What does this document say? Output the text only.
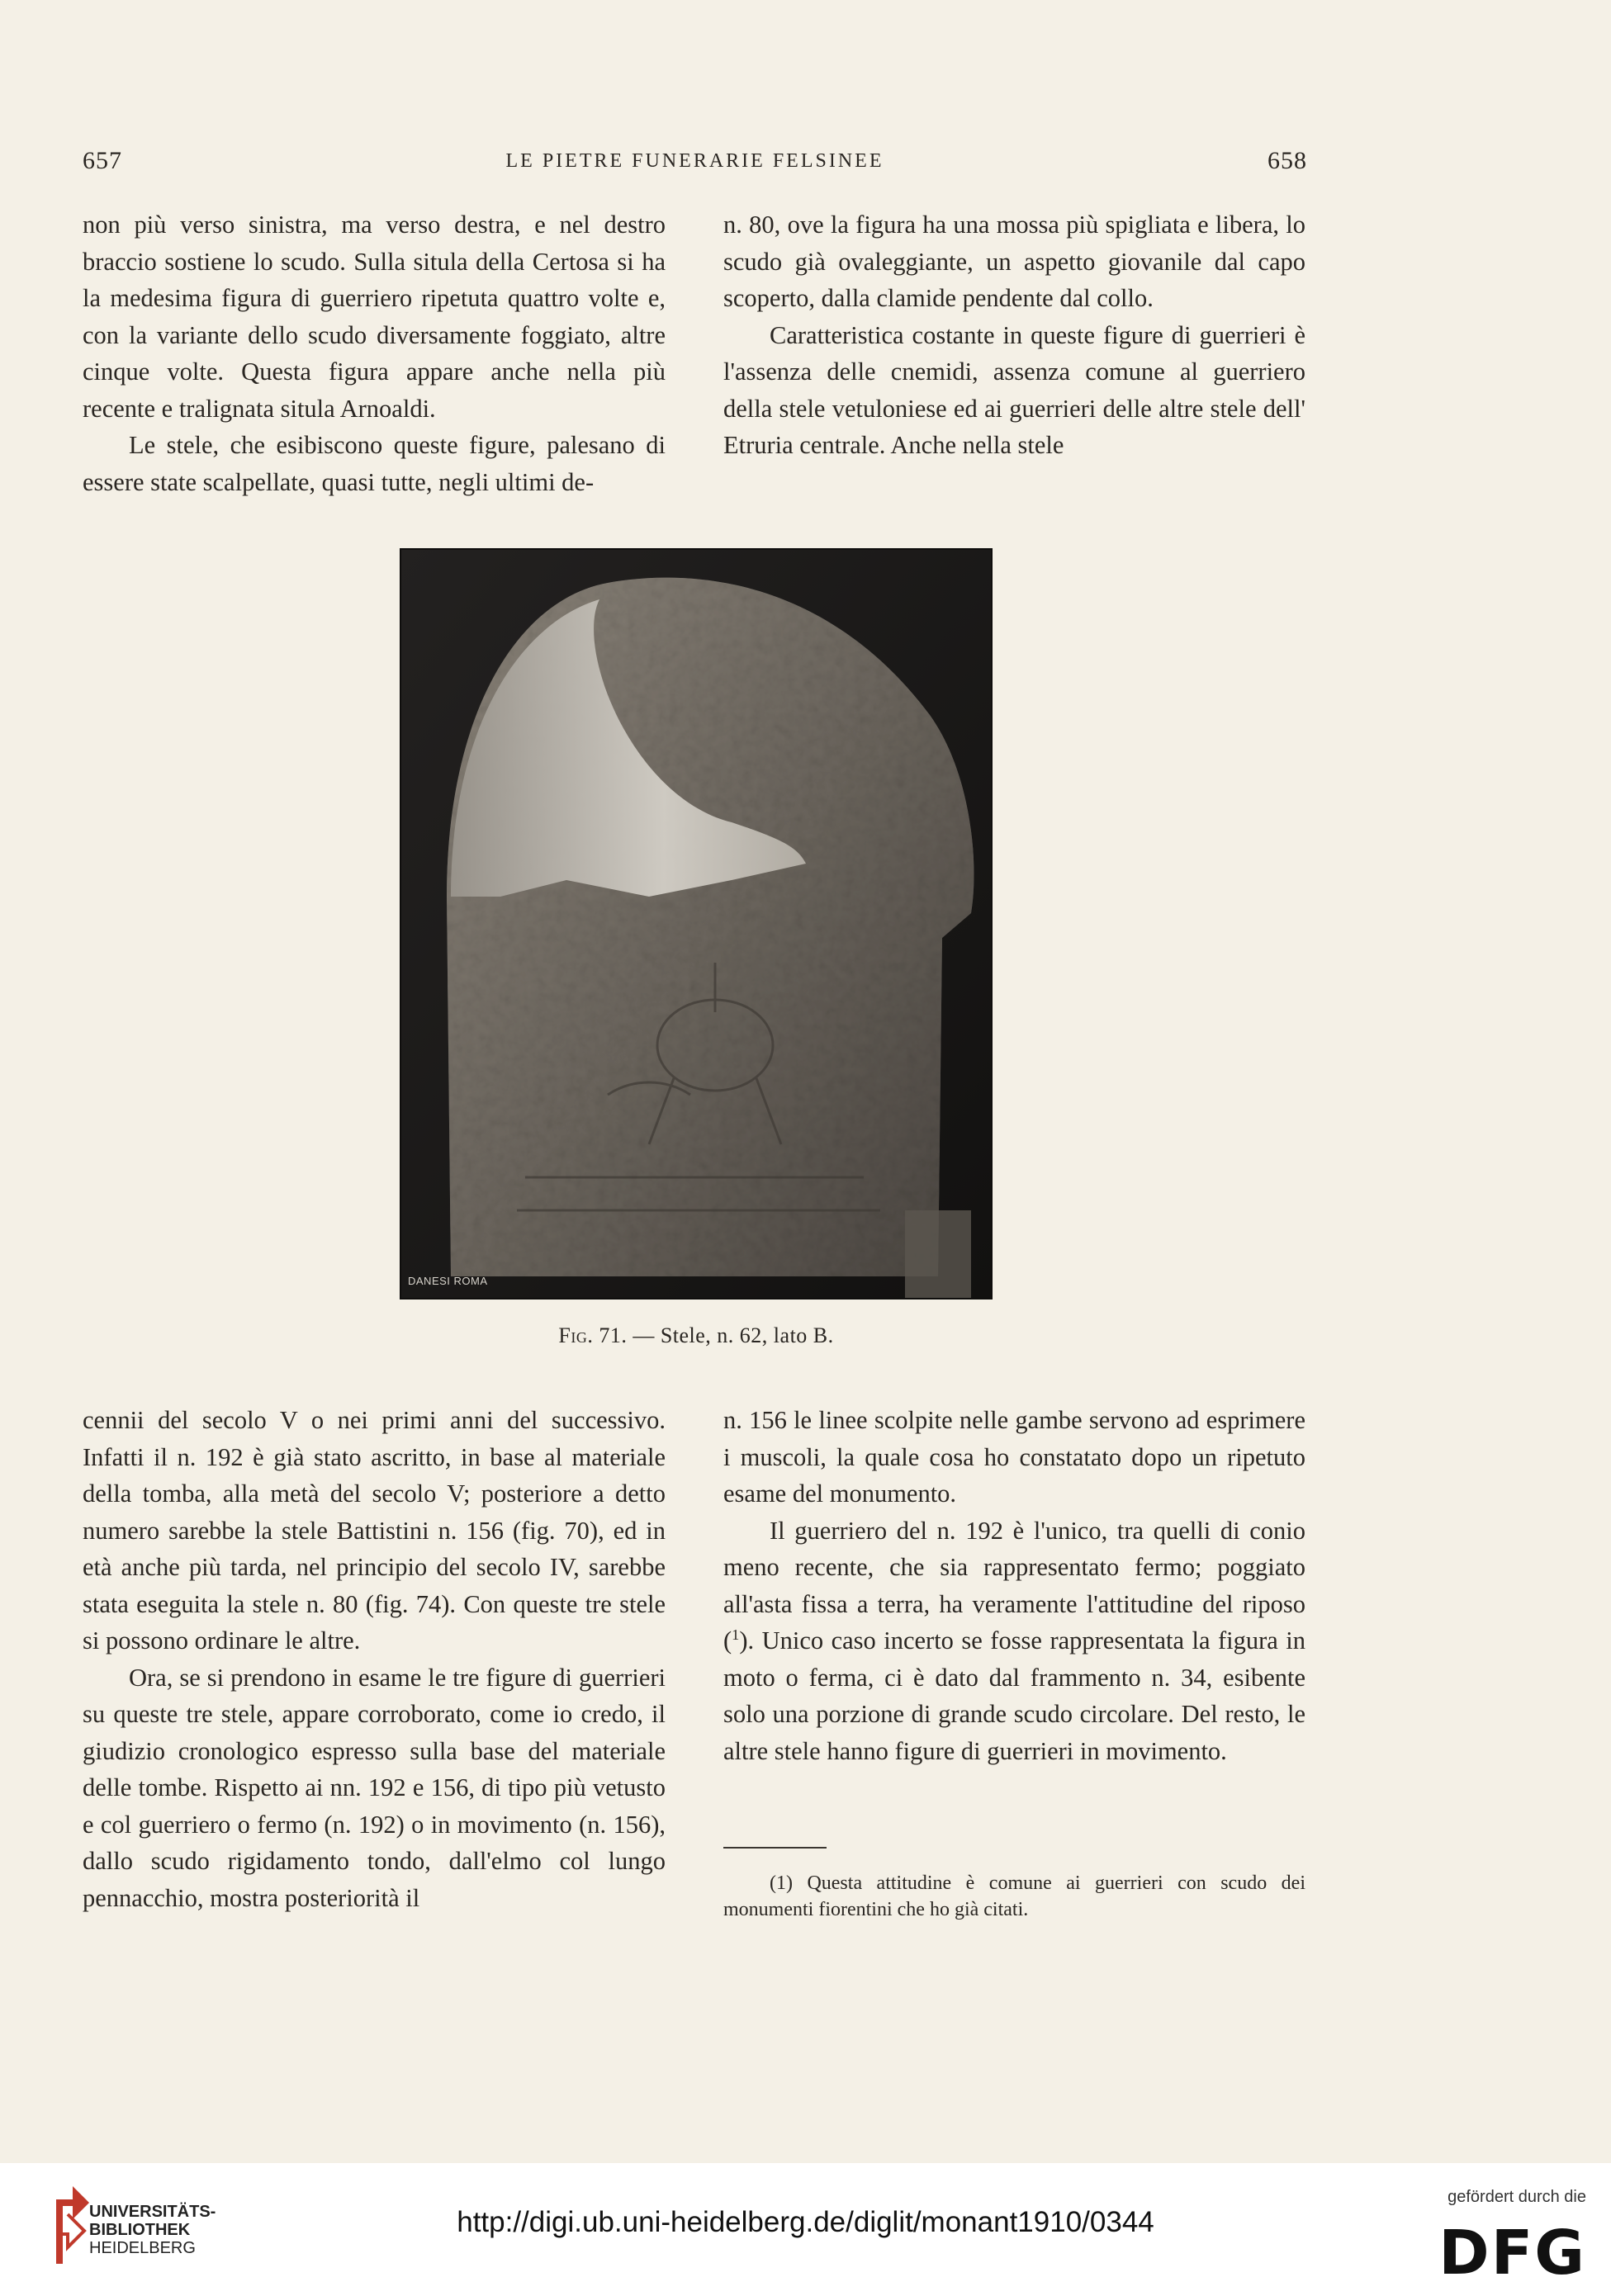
657	LE PIETRE FUNERARIE FELSINEE	658

non più verso sinistra, ma verso destra, e nel destro braccio sostiene lo scudo. Sulla situla della Certosa si ha la medesima figura di guerriero ripetuta quattro volte e, con la variante dello scudo diversamente foggiato, altre cinque volte. Questa figura appare anche nella più recente e tralignata situla Arnoaldi.

Le stele, che esibiscono queste figure, palesano di essere state scalpellate, quasi tutte, negli ultimi de-

n. 80, ove la figura ha una mossa più spigliata e libera, lo scudo già ovaleggiante, un aspetto giovanile dal capo scoperto, dalla clamide pendente dal collo.

Caratteristica costante in queste figure di guerrieri è l'assenza delle cnemidi, assenza comune al guerriero della stele vetuloniese ed ai guerrieri delle altre stele dell' Etruria centrale. Anche nella stele

DANESI ROMA
Fig. 71. — Stele, n. 62, lato B.

cennii del secolo V o nei primi anni del successivo. Infatti il n. 192 è già stato ascritto, in base al materiale della tomba, alla metà del secolo V; posteriore a detto numero sarebbe la stele Battistini n. 156 (fig. 70), ed in età anche più tarda, nel principio del secolo IV, sarebbe stata eseguita la stele n. 80 (fig. 74). Con queste tre stele si possono ordinare le altre.

Ora, se si prendono in esame le tre figure di guerrieri su queste tre stele, appare corroborato, come io credo, il giudizio cronologico espresso sulla base del materiale delle tombe. Rispetto ai nn. 192 e 156, di tipo più vetusto e col guerriero o fermo (n. 192) o in movimento (n. 156), dallo scudo rigidamento tondo, dall'elmo col lungo pennacchio, mostra posteriorità il

n. 156 le linee scolpite nelle gambe servono ad esprimere i muscoli, la quale cosa ho constatato dopo un ripetuto esame del monumento.

Il guerriero del n. 192 è l'unico, tra quelli di conio meno recente, che sia rappresentato fermo; poggiato all'asta fissa a terra, ha veramente l'attitudine del riposo ($^1$). Unico caso incerto se fosse rappresentata la figura in moto o ferma, ci è dato dal frammento n. 34, esibente solo una porzione di grande scudo circolare. Del resto, le altre stele hanno figure di guerrieri in movimento.

(1) Questa attitudine è comune ai guerrieri con scudo dei monumenti fiorentini che ho già citati.

UNIVERSITÄTS-
BIBLIOTHEK
HEIDELBERG
http://digi.ub.uni-heidelberg.de/diglit/monant1910/0344
gefördert durch die
DFG
